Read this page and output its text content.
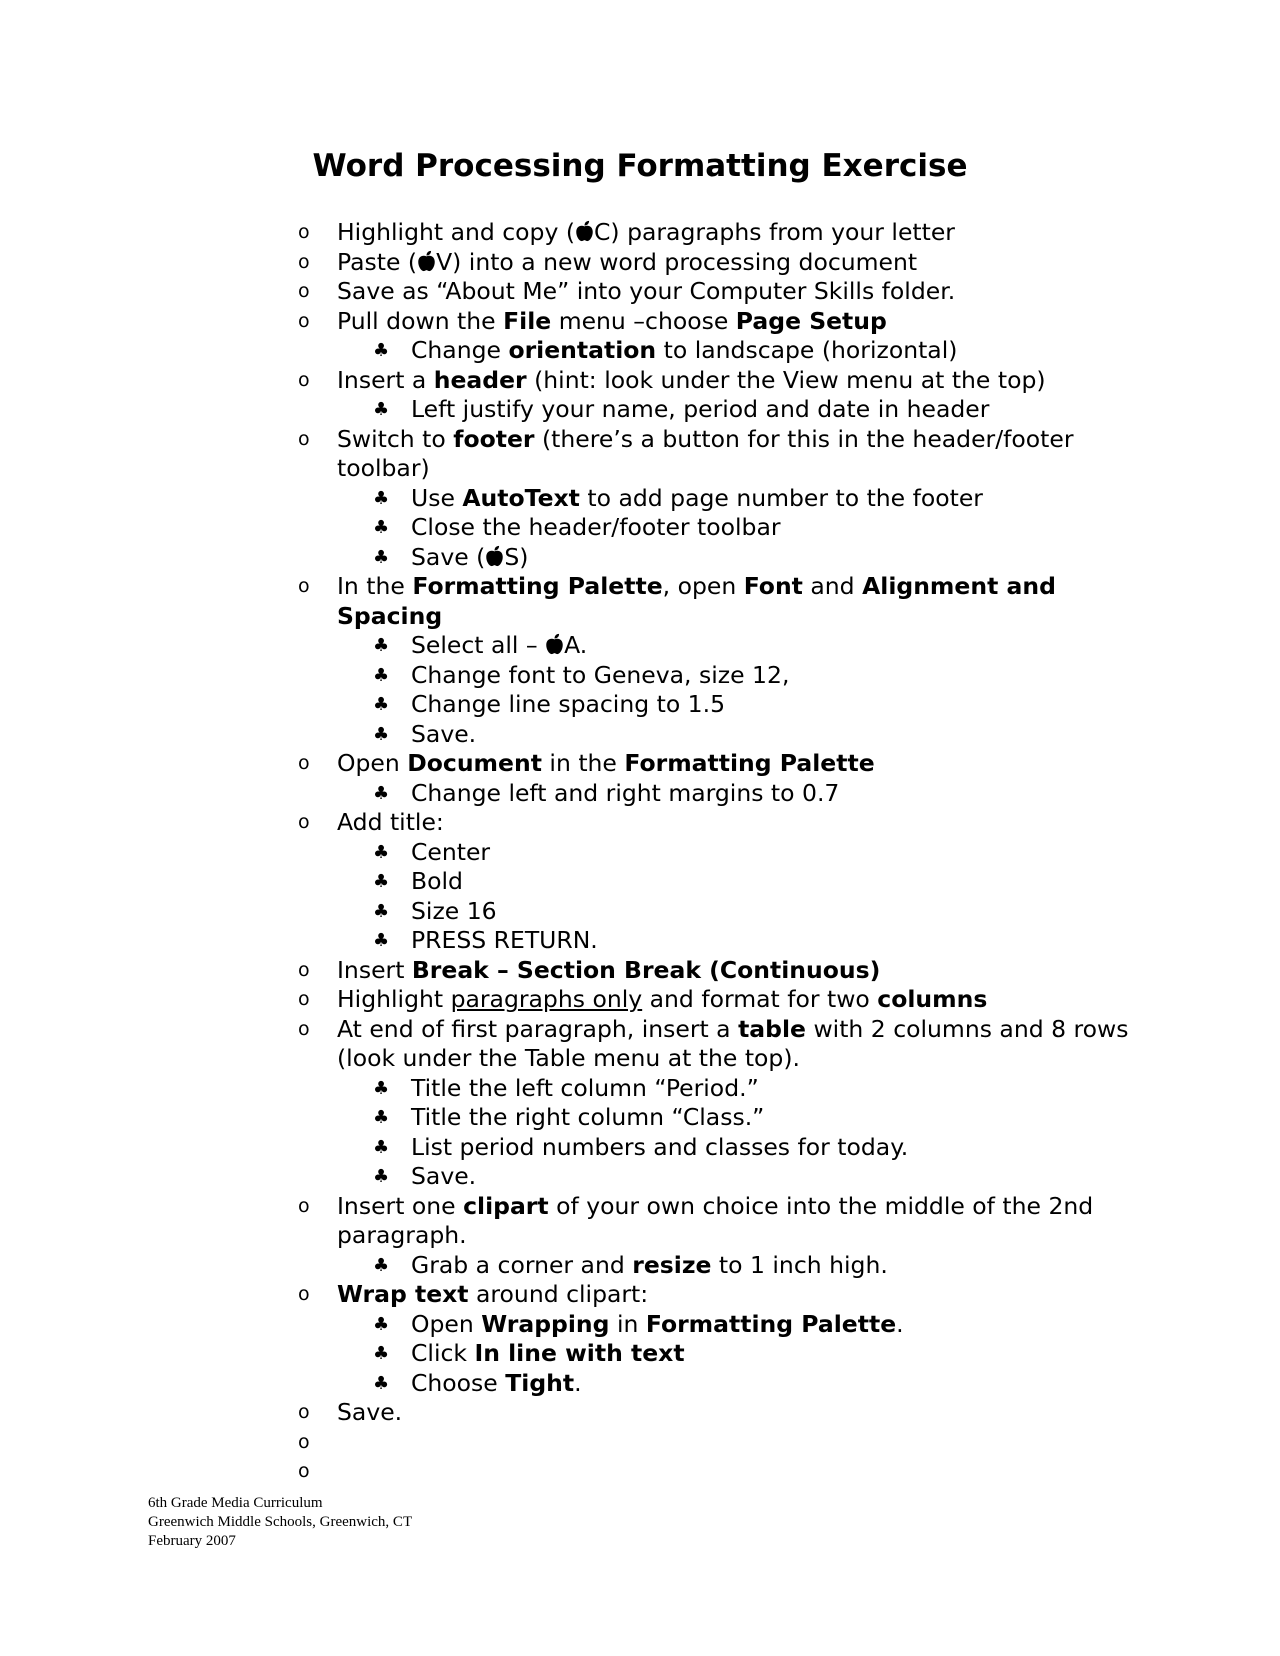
Word Processing Formatting Exercise
o	Highlight and copy ( C) paragraphs from your letter
o	Paste ( V) into a new word processing document
o	Save as “About Me” into your Computer Skills folder.
o	Pull down the File menu –choose Page Setup
♣ Change orientation to landscape (horizontal)
o	Insert a header (hint: look under the View menu at the top)
♣ Left justify your name, period and date in header
o	Switch to footer (there’s a button for this in the header/footer toolbar)
♣ Use AutoText to add page number to the footer
♣ Close the header/footer toolbar
♣ Save ( S)
o	In the Formatting Palette, open Font and Alignment and Spacing
♣ Select all – A.
♣ Change font to Geneva, size 12,
♣ Change line spacing to 1.5
♣ Save.
o	Open Document in the Formatting Palette
♣ Change left and right margins to 0.7
o	Add title:
♣ Center
♣ Bold
♣ Size 16
♣ PRESS RETURN.
o	Insert Break – Section Break (Continuous)
o	Highlight paragraphs only and format for two columns
o	At end of first paragraph, insert a table with 2 columns and 8 rows (look under the Table menu at the top).
♣ Title the left column “Period.”
♣ Title the right column “Class.”
♣ List period numbers and classes for today.
♣ Save.
o	Insert one clipart of your own choice into the middle of the 2nd paragraph.
♣ Grab a corner and resize to 1 inch high.
o	Wrap text around clipart:
♣ Open Wrapping in Formatting Palette.
♣ Click In line with text
♣ Choose Tight.
o	Save.
o

o

6th Grade Media Curriculum
Greenwich Middle Schools, Greenwich, CT
February 2007
